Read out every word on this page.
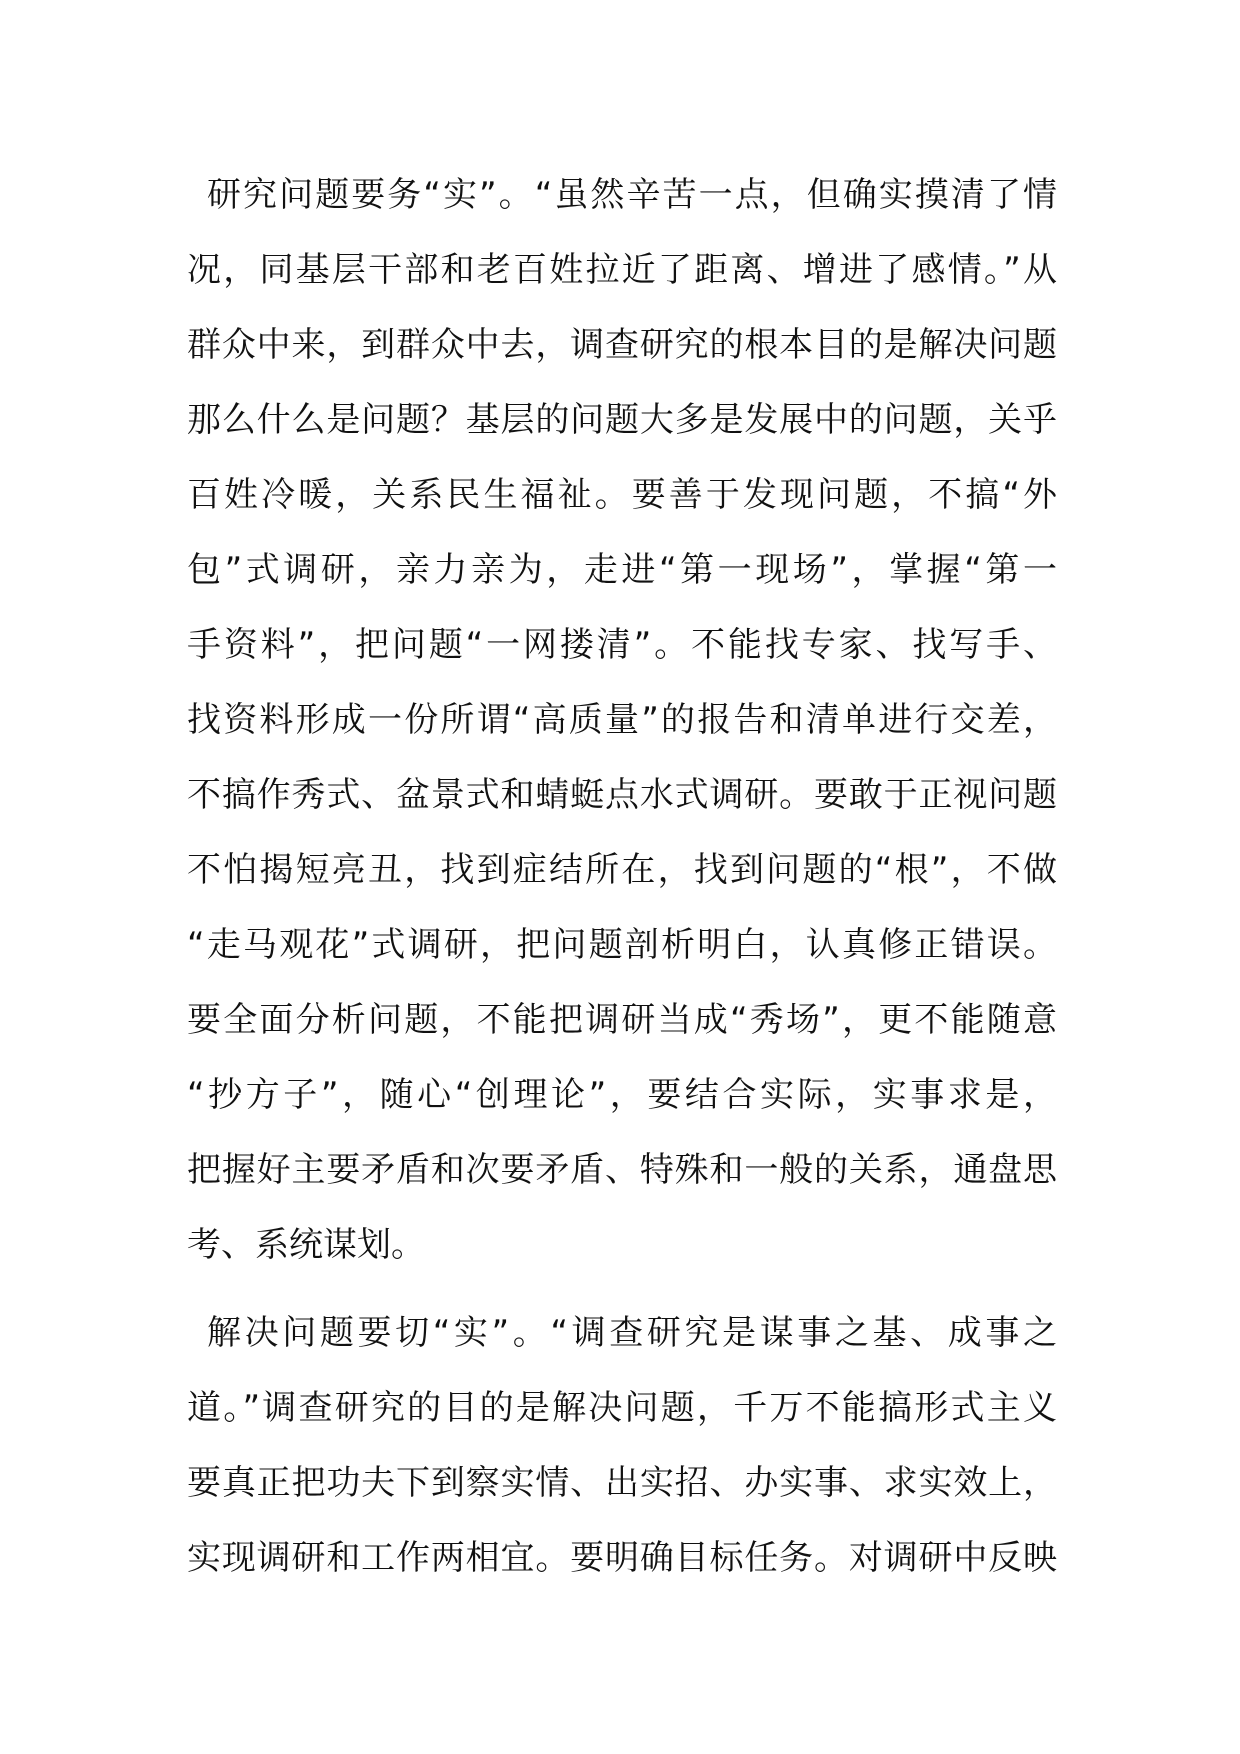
研究问题要务“实”。“虽然辛苦一点，但确实摸清了情
况，同基层干部和老百姓拉近了距离、增进了感情。”从
群众中来，到群众中去，调查研究的根本目的是解决问题
那么什么是问题？基层的问题大多是发展中的问题，关乎
百姓冷暖，关系民生福祉。要善于发现问题，不搞“外
包”式调研，亲力亲为，走进“第一现场”，掌握“第一
手资料”，把问题“一网搂清”。不能找专家、找写手、
找资料形成一份所谓“高质量”的报告和清单进行交差，
不搞作秀式、盆景式和蜻蜓点水式调研。要敢于正视问题
不怕揭短亮丑，找到症结所在，找到问题的“根”，不做
“走马观花”式调研，把问题剖析明白，认真修正错误。
要全面分析问题，不能把调研当成“秀场”，更不能随意
“抄方子”，随心“创理论”，要结合实际，实事求是，
把握好主要矛盾和次要矛盾、特殊和一般的关系，通盘思
考、系统谋划。
解决问题要切“实”。“调查研究是谋事之基、成事之
道。”调查研究的目的是解决问题，千万不能搞形式主义
要真正把功夫下到察实情、出实招、办实事、求实效上，
实现调研和工作两相宜。要明确目标任务。对调研中反映
